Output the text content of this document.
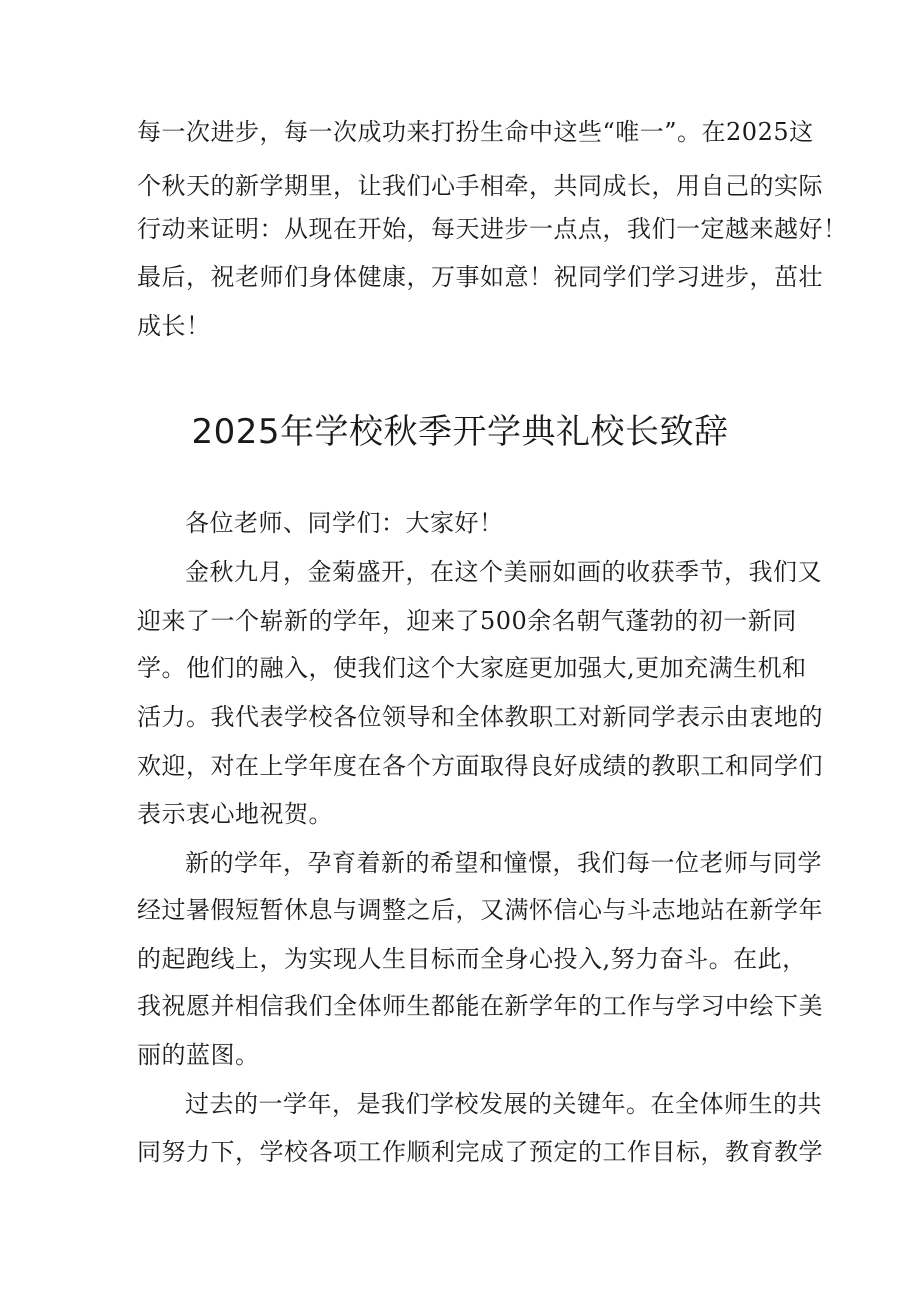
每一次进步，每一次成功来打扮生命中这些“唯一”。在2025这
个秋天的新学期里，让我们心手相牵，共同成长，用自己的实际
行动来证明：从现在开始，每天进步一点点，我们一定越来越好！
最后，祝老师们身体健康，万事如意！祝同学们学习进步，茁壮
成长！
2025年学校秋季开学典礼校长致辞
各位老师、同学们：大家好！
金秋九月，金菊盛开，在这个美丽如画的收获季节，我们又
迎来了一个崭新的学年，迎来了500余名朝气蓬勃的初一新同
学。他们的融入，使我们这个大家庭更加强大,更加充满生机和
活力。我代表学校各位领导和全体教职工对新同学表示由衷地的
欢迎，对在上学年度在各个方面取得良好成绩的教职工和同学们
表示衷心地祝贺。
新的学年，孕育着新的希望和憧憬，我们每一位老师与同学
经过暑假短暂休息与调整之后，又满怀信心与斗志地站在新学年
的起跑线上，为实现人生目标而全身心投入,努力奋斗。在此，
我祝愿并相信我们全体师生都能在新学年的工作与学习中绘下美
丽的蓝图。
过去的一学年，是我们学校发展的关键年。在全体师生的共
同努力下，学校各项工作顺利完成了预定的工作目标，教育教学
